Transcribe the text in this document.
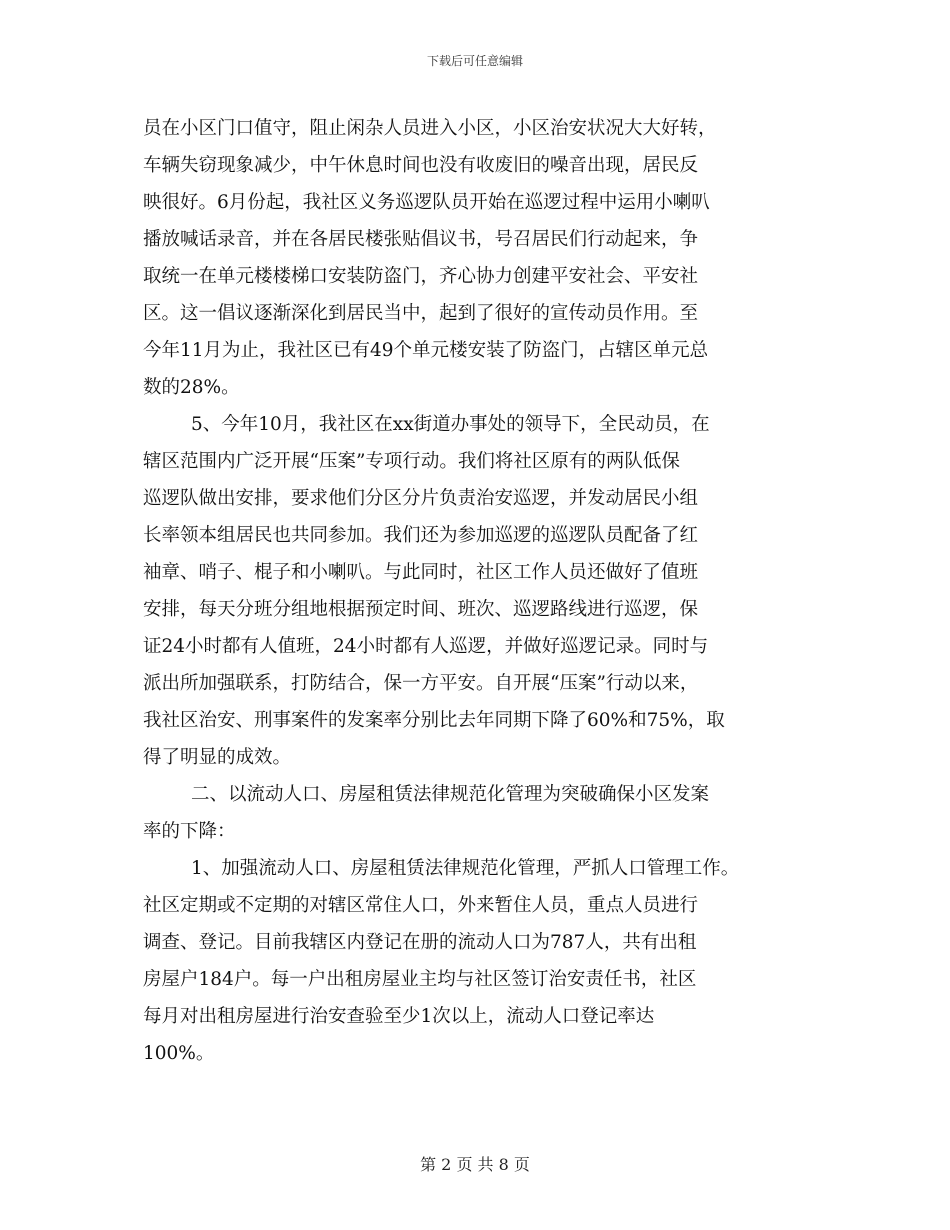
下载后可任意编辑

员在小区门口值守，阻止闲杂人员进入小区，小区治安状况大大好转，
车辆失窃现象减少，中午休息时间也没有收废旧的噪音出现，居民反
映很好。6月份起，我社区义务巡逻队员开始在巡逻过程中运用小喇叭
播放喊话录音，并在各居民楼张贴倡议书，号召居民们行动起来，争
取统一在单元楼楼梯口安装防盗门，齐心协力创建平安社会、平安社
区。这一倡议逐渐深化到居民当中，起到了很好的宣传动员作用。至
今年11月为止，我社区已有49个单元楼安装了防盗门，占辖区单元总
数的28%。

5、今年10月，我社区在xx街道办事处的领导下，全民动员，在
辖区范围内广泛开展“压案”专项行动。我们将社区原有的两队低保
巡逻队做出安排，要求他们分区分片负责治安巡逻，并发动居民小组
长率领本组居民也共同参加。我们还为参加巡逻的巡逻队员配备了红
袖章、哨子、棍子和小喇叭。与此同时，社区工作人员还做好了值班
安排，每天分班分组地根据预定时间、班次、巡逻路线进行巡逻，保
证24小时都有人值班，24小时都有人巡逻，并做好巡逻记录。同时与
派出所加强联系，打防结合，保一方平安。自开展“压案”行动以来，
我社区治安、刑事案件的发案率分别比去年同期下降了60%和75%，取
得了明显的成效。

二、以流动人口、房屋租赁法律规范化管理为突破确保小区发案
率的下降：

1、加强流动人口、房屋租赁法律规范化管理，严抓人口管理工作。
社区定期或不定期的对辖区常住人口，外来暂住人员，重点人员进行
调查、登记。目前我辖区内登记在册的流动人口为787人，共有出租
房屋户184户。每一户出租房屋业主均与社区签订治安责任书，社区
每月对出租房屋进行治安查验至少1次以上，流动人口登记率达
100%。

第 2 页 共 8 页
